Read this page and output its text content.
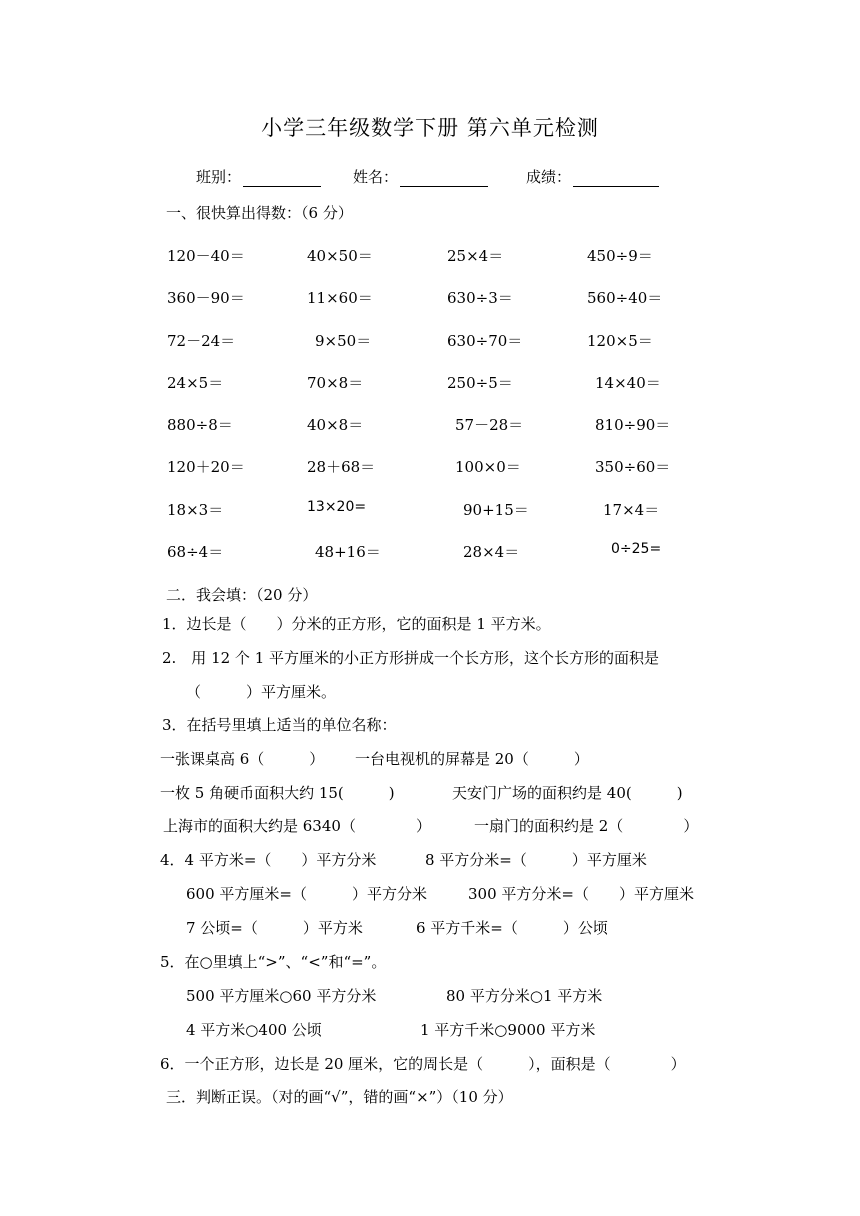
小学三年级数学下册 第六单元检测
班别：	姓名：	成绩：
一、很快算出得数：（6 分）
120－40＝	40×50＝	25×4＝	450÷9＝
360－90＝	11×60＝	630÷3＝	560÷40＝
72－24＝	9×50＝	630÷70＝	120×5＝
24×5＝	70×8＝	250÷5＝	14×40＝
880÷8＝	40×8＝	57－28＝	810÷90＝
120＋20＝	28＋68＝	100×0＝	350÷60＝
18×3＝	13×20=	90+15＝	17×4＝
68÷4＝	48+16＝	28×4＝	0÷25=
二．我会填：（20 分）
1．边长是（　　）分米的正方形，它的面积是 1 平方米。
2.　用 12 个 1 平方厘米的小正方形拼成一个长方形，这个长方形的面积是
（　　　）平方厘米。
3．在括号里填上适当的单位名称：
一张课桌高 6（　　　） 一台电视机的屏幕是 20（　　　）
一枚 5 角硬币面积大约 15(　　　)	天安门广场的面积约是 40(　　　)
上海市的面积大约是 6340（　　　　）	一扇门的面积约是 2（　　　　）
4．4 平方米=（　　）平方分米	8 平方分米=（　　　）平方厘米
600 平方厘米=（　　　）平方分米	300 平方分米=（　　）平方厘米
7 公顷=（　　　）平方米	6 平方千米=（　　　）公顷
5．在○里填上“>”、“<”和“=”。
500 平方厘米○60 平方分米	80 平方分米○1 平方米
4 平方米○400 公顷	1 平方千米○9000 平方米
6．一个正方形，边长是 20 厘米，它的周长是（　　　），面积是（　　　　）
三．判断正误。（对的画“√”，错的画“×”）（10 分）
